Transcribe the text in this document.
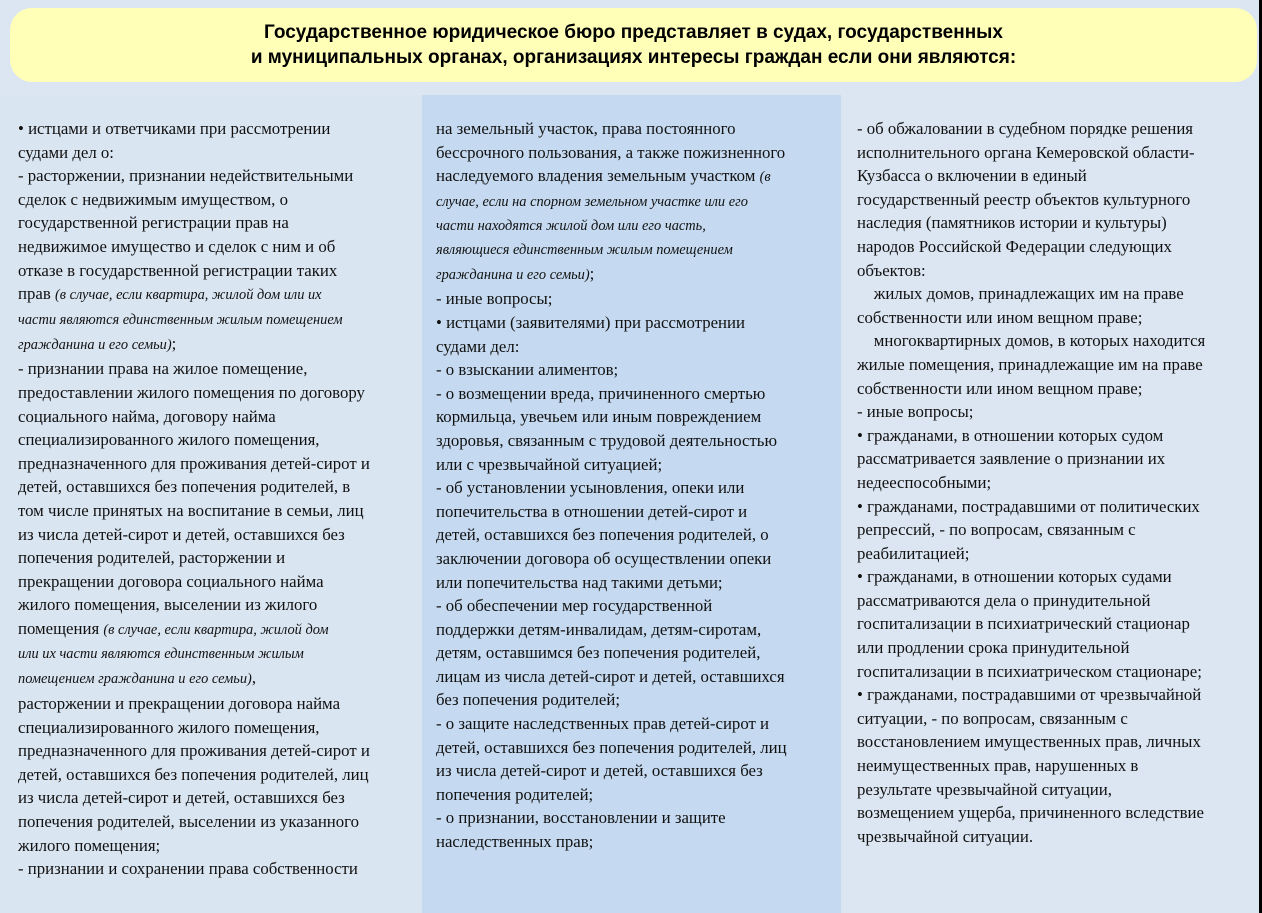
Государственное юридическое бюро представляет в судах, государственных
и муниципальных органах, организациях интересы граждан если они являются:
• истцами и ответчиками при рассмотрении
судами дел о:
- расторжении, признании недействительными
сделок с недвижимым имуществом, о
государственной регистрации прав на
недвижимое имущество и сделок с ним и об
отказе в государственной регистрации таких
прав (в случае, если квартира, жилой дом или их
части являются единственным жилым помещением
гражданина и его семьи);
- признании права на жилое помещение,
предоставлении жилого помещения по договору
социального найма, договору найма
специализированного жилого помещения,
предназначенного для проживания детей-сирот и
детей, оставшихся без попечения родителей, в
том числе принятых на воспитание в семьи, лиц
из числа детей-сирот и детей, оставшихся без
попечения родителей, расторжении и
прекращении договора социального найма
жилого помещения, выселении из жилого
помещения (в случае, если квартира, жилой дом
или их части являются единственным жилым
помещением гражданина и его семьи),
расторжении и прекращении договора найма
специализированного жилого помещения,
предназначенного для проживания детей-сирот и
детей, оставшихся без попечения родителей, лиц
из числа детей-сирот и детей, оставшихся без
попечения родителей, выселении из указанного
жилого помещения;
- признании и сохранении права собственности
на земельный участок, права постоянного
бессрочного пользования, а также пожизненного
наследуемого владения земельным участком (в
случае, если на спорном земельном участке или его
части находятся жилой дом или его часть,
являющиеся единственным жилым помещением
гражданина и его семьи);
- иные вопросы;
• истцами (заявителями) при рассмотрении
судами дел:
- о взыскании алиментов;
- о возмещении вреда, причиненного смертью
кормильца, увечьем или иным повреждением
здоровья, связанным с трудовой деятельностью
или с чрезвычайной ситуацией;
- об установлении усыновления, опеки или
попечительства в отношении детей-сирот и
детей, оставшихся без попечения родителей, о
заключении договора об осуществлении опеки
или попечительства над такими детьми;
- об обеспечении мер государственной
поддержки детям-инвалидам, детям-сиротам,
детям, оставшимся без попечения родителей,
лицам из числа детей-сирот и детей, оставшихся
без попечения родителей;
- о защите наследственных прав детей-сирот и
детей, оставшихся без попечения родителей, лиц
из числа детей-сирот и детей, оставшихся без
попечения родителей;
- о признании, восстановлении и защите
наследственных прав;
- об обжаловании в судебном порядке решения
исполнительного органа Кемеровской области-
Кузбасса о включении в единый
государственный реестр объектов культурного
наследия (памятников истории и культуры)
народов Российской Федерации следующих
объектов:
жилых домов, принадлежащих им на праве
собственности или ином вещном праве;
многоквартирных домов, в которых находится
жилые помещения, принадлежащие им на праве
собственности или ином вещном праве;
- иные вопросы;
• гражданами, в отношении которых судом
рассматривается заявление о признании их
недееспособными;
• гражданами, пострадавшими от политических
репрессий, - по вопросам, связанным с
реабилитацией;
• гражданами, в отношении которых судами
рассматриваются дела о принудительной
госпитализации в психиатрический стационар
или продлении срока принудительной
госпитализации в психиатрическом стационаре;
• гражданами, пострадавшими от чрезвычайной
ситуации, - по вопросам, связанным с
восстановлением имущественных прав, личных
неимущественных прав, нарушенных в
результате чрезвычайной ситуации,
возмещением ущерба, причиненного вследствие
чрезвычайной ситуации.
